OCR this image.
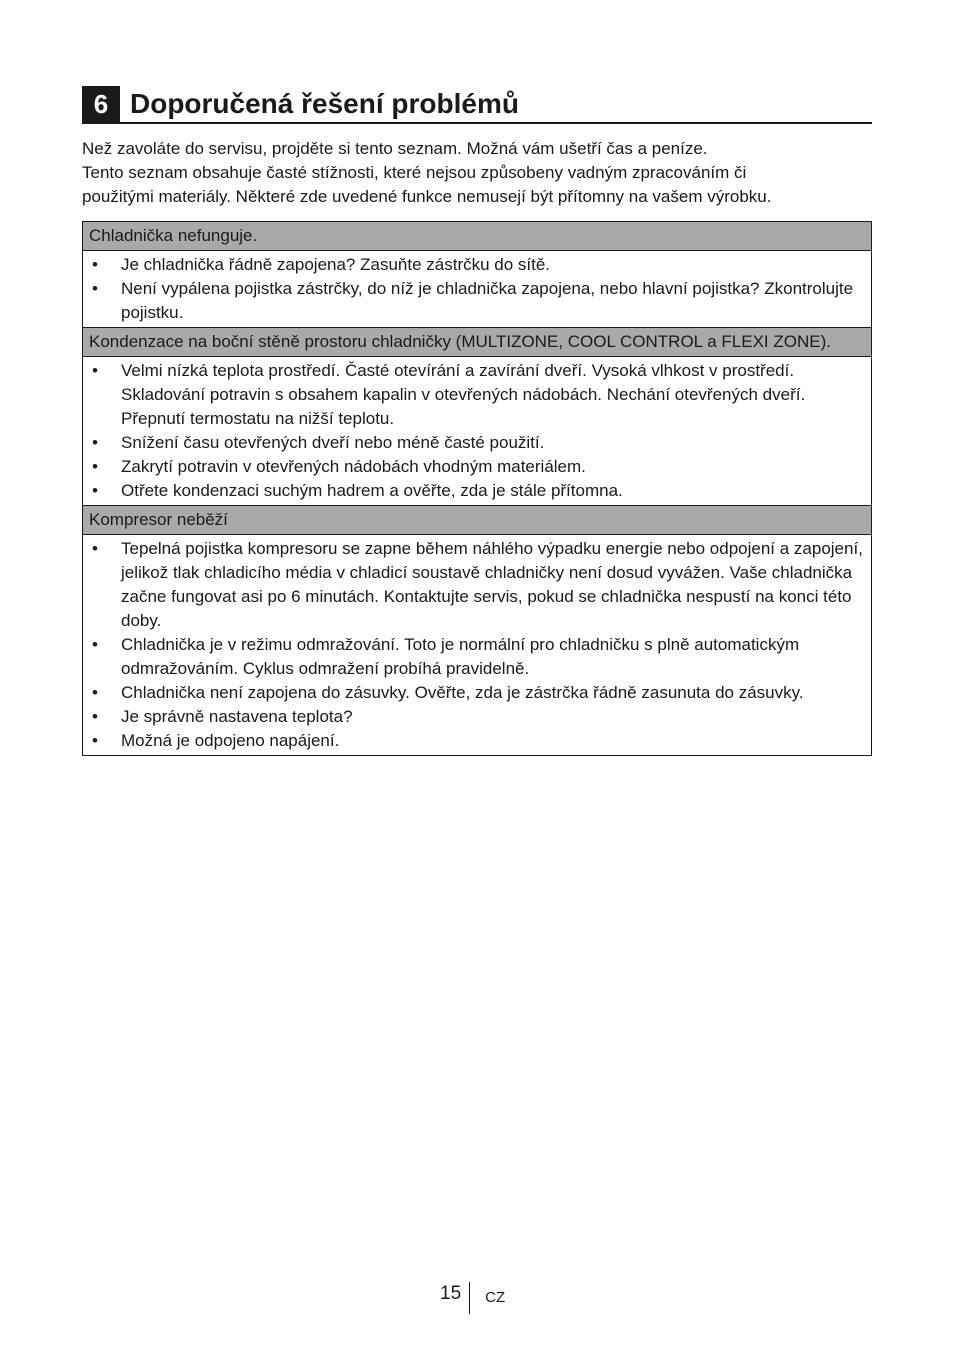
6 Doporučená řešení problémů

Než zavoláte do servisu, projděte si tento seznam. Možná vám ušetří čas a peníze.

Tento seznam obsahuje časté stížnosti, které nejsou způsobeny vadným zpracováním či

použitými materiály. Některé zde uvedené funkce nemusejí být přítomny na vašem výrobku.

Chladnička nefunguje.
• Je chladnička řádně zapojena? Zasuňte zástrčku do sítě.
• Není vypálena pojistka zástrčky, do níž je chladnička zapojena, nebo hlavní pojistka? Zkontrolujte pojistku.
Kondenzace na boční stěně prostoru chladničky (MULTIZONE, COOL CONTROL a FLEXI ZONE).
• Velmi nízká teplota prostředí. Časté otevírání a zavírání dveří. Vysoká vlhkost v prostředí. Skladování potravin s obsahem kapalin v otevřených nádobách. Nechání otevřených dveří. Přepnutí termostatu na nižší teplotu.
• Snížení času otevřených dveří nebo méně časté použití.
• Zakrytí potravin v otevřených nádobách vhodným materiálem.
• Otřete kondenzaci suchým hadrem a ověřte, zda je stále přítomna.
Kompresor neběží
• Tepelná pojistka kompresoru se zapne během náhlého výpadku energie nebo odpojení a zapojení, jelikož tlak chladicího média v chladicí soustavě chladničky není dosud vyvážen. Vaše chladnička začne fungovat asi po 6 minutách. Kontaktujte servis, pokud se chladnička nespustí na konci této doby.
• Chladnička je v režimu odmražování. Toto je normální pro chladničku s plně automatickým odmražováním. Cyklus odmražení probíhá pravidelně.
• Chladnička není zapojena do zásuvky. Ověřte, zda je zástrčka řádně zasunuta do zásuvky.
• Je správně nastavena teplota?
• Možná je odpojeno napájení.
15	CZ
